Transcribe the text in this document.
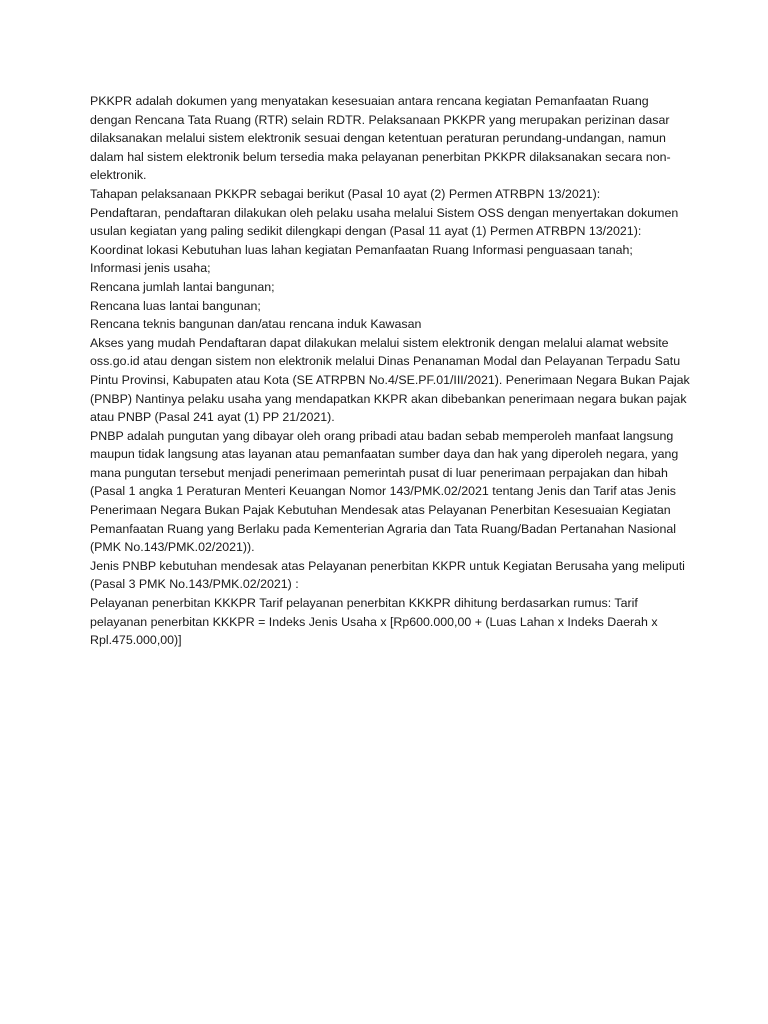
PKKPR adalah dokumen yang menyatakan kesesuaian antara rencana kegiatan Pemanfaatan Ruang dengan Rencana Tata Ruang (RTR) selain RDTR. Pelaksanaan PKKPR yang merupakan perizinan dasar dilaksanakan melalui sistem elektronik sesuai dengan ketentuan peraturan perundang-undangan, namun dalam hal sistem elektronik belum tersedia maka pelayanan penerbitan PKKPR dilaksanakan secara non-elektronik.

Tahapan pelaksanaan PKKPR sebagai berikut (Pasal 10 ayat (2) Permen ATRBPN 13/2021):

Pendaftaran, pendaftaran dilakukan oleh pelaku usaha melalui Sistem OSS dengan menyertakan dokumen usulan kegiatan yang paling sedikit dilengkapi dengan (Pasal 11 ayat (1) Permen ATRBPN 13/2021):

Koordinat lokasi Kebutuhan luas lahan kegiatan Pemanfaatan Ruang Informasi penguasaan tanah;

Informasi jenis usaha;

Rencana jumlah lantai bangunan;

Rencana luas lantai bangunan;

Rencana teknis bangunan dan/atau rencana induk Kawasan

Akses yang mudah Pendaftaran dapat dilakukan melalui sistem elektronik dengan melalui alamat website oss.go.id atau dengan sistem non elektronik melalui Dinas Penanaman Modal dan Pelayanan Terpadu Satu Pintu Provinsi, Kabupaten atau Kota (SE ATRPBN No.4/SE.PF.01/III/2021). Penerimaan Negara Bukan Pajak (PNBP) Nantinya pelaku usaha yang mendapatkan KKPR akan dibebankan penerimaan negara bukan pajak atau PNBP (Pasal 241 ayat (1) PP 21/2021).

PNBP adalah pungutan yang dibayar oleh orang pribadi atau badan sebab memperoleh manfaat langsung maupun tidak langsung atas layanan atau pemanfaatan sumber daya dan hak yang diperoleh negara, yang mana pungutan tersebut menjadi penerimaan pemerintah pusat di luar penerimaan perpajakan dan hibah (Pasal 1 angka 1 Peraturan Menteri Keuangan Nomor 143/PMK.02/2021 tentang Jenis dan Tarif atas Jenis Penerimaan Negara Bukan Pajak Kebutuhan Mendesak atas Pelayanan Penerbitan Kesesuaian Kegiatan Pemanfaatan Ruang yang Berlaku pada Kementerian Agraria dan Tata Ruang/Badan Pertanahan Nasional (PMK No.143/PMK.02/2021)).

Jenis PNBP kebutuhan mendesak atas Pelayanan penerbitan KKPR untuk Kegiatan Berusaha yang meliputi (Pasal 3 PMK No.143/PMK.02/2021) :

Pelayanan penerbitan KKKPR Tarif pelayanan penerbitan KKKPR dihitung berdasarkan rumus: Tarif pelayanan penerbitan KKKPR = Indeks Jenis Usaha x [Rp600.000,00 + (Luas Lahan x Indeks Daerah x Rpl.475.000,00)]
